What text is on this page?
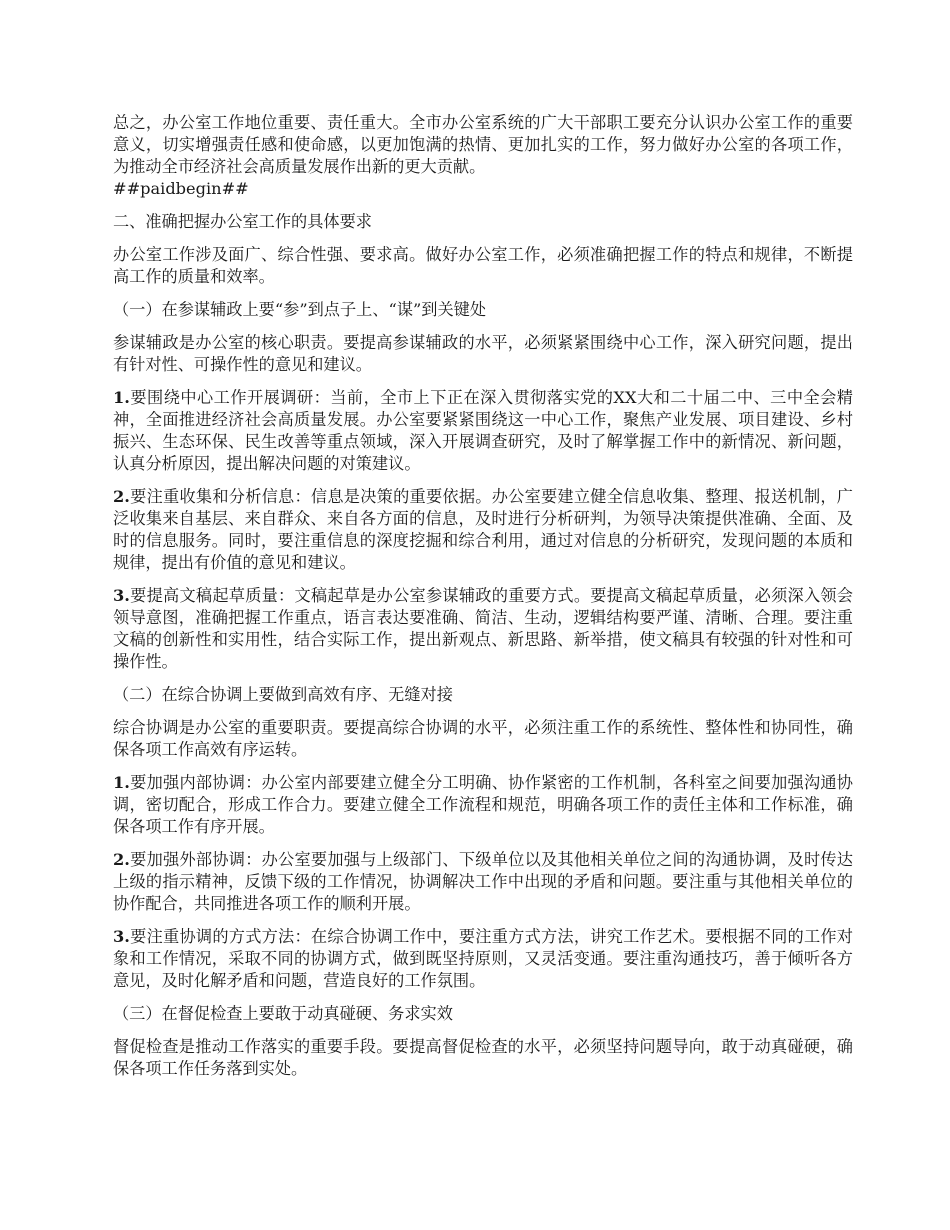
总之，办公室工作地位重要、责任重大。全市办公室系统的广大干部职工要充分认识办公室工作的重要意义，切实增强责任感和使命感，以更加饱满的热情、更加扎实的工作，努力做好办公室的各项工作，为推动全市经济社会高质量发展作出新的更大贡献。

##paidbegin##

二、准确把握办公室工作的具体要求

办公室工作涉及面广、综合性强、要求高。做好办公室工作，必须准确把握工作的特点和规律，不断提高工作的质量和效率。

（一）在参谋辅政上要“参”到点子上、“谋”到关键处

参谋辅政是办公室的核心职责。要提高参谋辅政的水平，必须紧紧围绕中心工作，深入研究问题，提出有针对性、可操作性的意见和建议。

1.要围绕中心工作开展调研：当前，全市上下正在深入贯彻落实党的XX大和二十届二中、三中全会精神，全面推进经济社会高质量发展。办公室要紧紧围绕这一中心工作，聚焦产业发展、项目建设、乡村振兴、生态环保、民生改善等重点领域，深入开展调查研究，及时了解掌握工作中的新情况、新问题，认真分析原因，提出解决问题的对策建议。

2.要注重收集和分析信息：信息是决策的重要依据。办公室要建立健全信息收集、整理、报送机制，广泛收集来自基层、来自群众、来自各方面的信息，及时进行分析研判，为领导决策提供准确、全面、及时的信息服务。同时，要注重信息的深度挖掘和综合利用，通过对信息的分析研究，发现问题的本质和规律，提出有价值的意见和建议。

3.要提高文稿起草质量：文稿起草是办公室参谋辅政的重要方式。要提高文稿起草质量，必须深入领会领导意图，准确把握工作重点，语言表达要准确、简洁、生动，逻辑结构要严谨、清晰、合理。要注重文稿的创新性和实用性，结合实际工作，提出新观点、新思路、新举措，使文稿具有较强的针对性和可操作性。

（二）在综合协调上要做到高效有序、无缝对接

综合协调是办公室的重要职责。要提高综合协调的水平，必须注重工作的系统性、整体性和协同性，确保各项工作高效有序运转。

1.要加强内部协调：办公室内部要建立健全分工明确、协作紧密的工作机制，各科室之间要加强沟通协调，密切配合，形成工作合力。要建立健全工作流程和规范，明确各项工作的责任主体和工作标准，确保各项工作有序开展。

2.要加强外部协调：办公室要加强与上级部门、下级单位以及其他相关单位之间的沟通协调，及时传达上级的指示精神，反馈下级的工作情况，协调解决工作中出现的矛盾和问题。要注重与其他相关单位的协作配合，共同推进各项工作的顺利开展。

3.要注重协调的方式方法：在综合协调工作中，要注重方式方法，讲究工作艺术。要根据不同的工作对象和工作情况，采取不同的协调方式，做到既坚持原则，又灵活变通。要注重沟通技巧，善于倾听各方意见，及时化解矛盾和问题，营造良好的工作氛围。

（三）在督促检查上要敢于动真碰硬、务求实效

督促检查是推动工作落实的重要手段。要提高督促检查的水平，必须坚持问题导向，敢于动真碰硬，确保各项工作任务落到实处。
